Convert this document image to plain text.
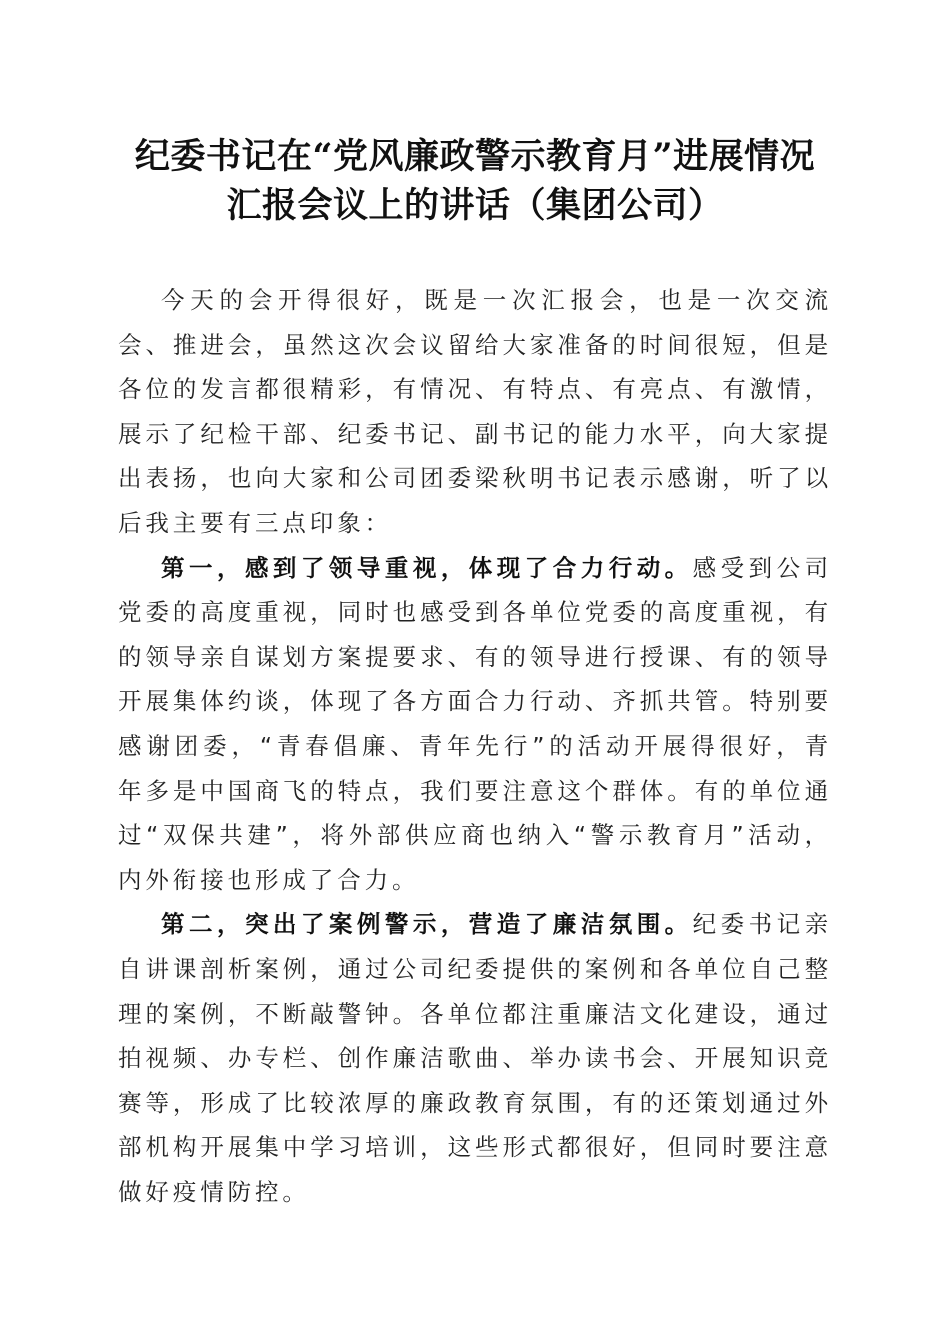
纪委书记在“党风廉政警示教育月”进展情况
汇报会议上的讲话（集团公司）

今天的会开得很好，既是一次汇报会，也是一次交流会、推进会，虽然这次会议留给大家准备的时间很短，但是各位的发言都很精彩，有情况、有特点、有亮点、有激情，展示了纪检干部、纪委书记、副书记的能力水平，向大家提出表扬，也向大家和公司团委梁秋明书记表示感谢，听了以后我主要有三点印象：

第一，感到了领导重视，体现了合力行动。感受到公司党委的高度重视，同时也感受到各单位党委的高度重视，有的领导亲自谋划方案提要求、有的领导进行授课、有的领导开展集体约谈，体现了各方面合力行动、齐抓共管。特别要感谢团委，“青春倡廉、青年先行”的活动开展得很好，青年多是中国商飞的特点，我们要注意这个群体。有的单位通过“双保共建”，将外部供应商也纳入“警示教育月”活动，内外衔接也形成了合力。

第二，突出了案例警示，营造了廉洁氛围。纪委书记亲自讲课剖析案例，通过公司纪委提供的案例和各单位自己整理的案例，不断敲警钟。各单位都注重廉洁文化建设，通过拍视频、办专栏、创作廉洁歌曲、举办读书会、开展知识竞赛等，形成了比较浓厚的廉政教育氛围，有的还策划通过外部机构开展集中学习培训，这些形式都很好，但同时要注意做好疫情防控。
